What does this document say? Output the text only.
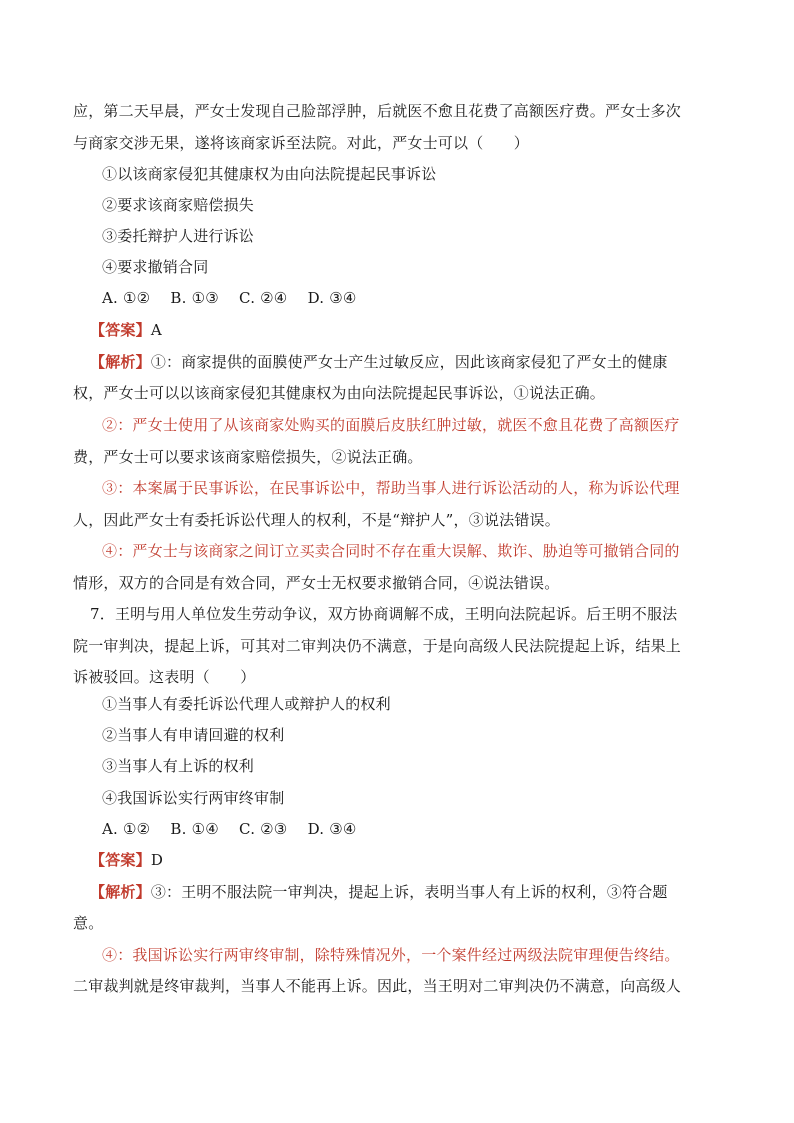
应，第二天早晨，严女士发现自己脸部浮肿，后就医不愈且花费了高额医疗费。严女士多次
与商家交涉无果，遂将该商家诉至法院。对此，严女士可以（　　）
①以该商家侵犯其健康权为由向法院提起民事诉讼
②要求该商家赔偿损失
③委托辩护人进行诉讼
④要求撤销合同
A. ①②　 B. ①③　 C. ②④　 D. ③④
【答案】A
【解析】①：商家提供的面膜使严女士产生过敏反应，因此该商家侵犯了严女土的健康
权，严女士可以以该商家侵犯其健康权为由向法院提起民事诉讼，①说法正确。
②：严女士使用了从该商家处购买的面膜后皮肤红肿过敏，就医不愈且花费了高额医疗
费，严女士可以要求该商家赔偿损失，②说法正确。
③：本案属于民事诉讼，在民事诉讼中，帮助当事人进行诉讼活动的人，称为诉讼代理
人，因此严女士有委托诉讼代理人的权利，不是“辩护人”，③说法错误。
④：严女士与该商家之间订立买卖合同时不存在重大误解、欺诈、胁迫等可撤销合同的
情形，双方的合同是有效合同，严女士无权要求撤销合同，④说法错误。
7．王明与用人单位发生劳动争议，双方协商调解不成，王明向法院起诉。后王明不服法
院一审判决，提起上诉，可其对二审判决仍不满意，于是向高级人民法院提起上诉，结果上
诉被驳回。这表明（　　）
①当事人有委托诉讼代理人或辩护人的权利
②当事人有申请回避的权利
③当事人有上诉的权利
④我国诉讼实行两审终审制
A. ①②　 B. ①④　 C. ②③　 D. ③④
【答案】D
【解析】③：王明不服法院一审判决，提起上诉，表明当事人有上诉的权利，③符合题
意。
④：我国诉讼实行两审终审制，除特殊情况外，一个案件经过两级法院审理便告终结。
二审裁判就是终审裁判，当事人不能再上诉。因此，当王明对二审判决仍不满意，向高级人
